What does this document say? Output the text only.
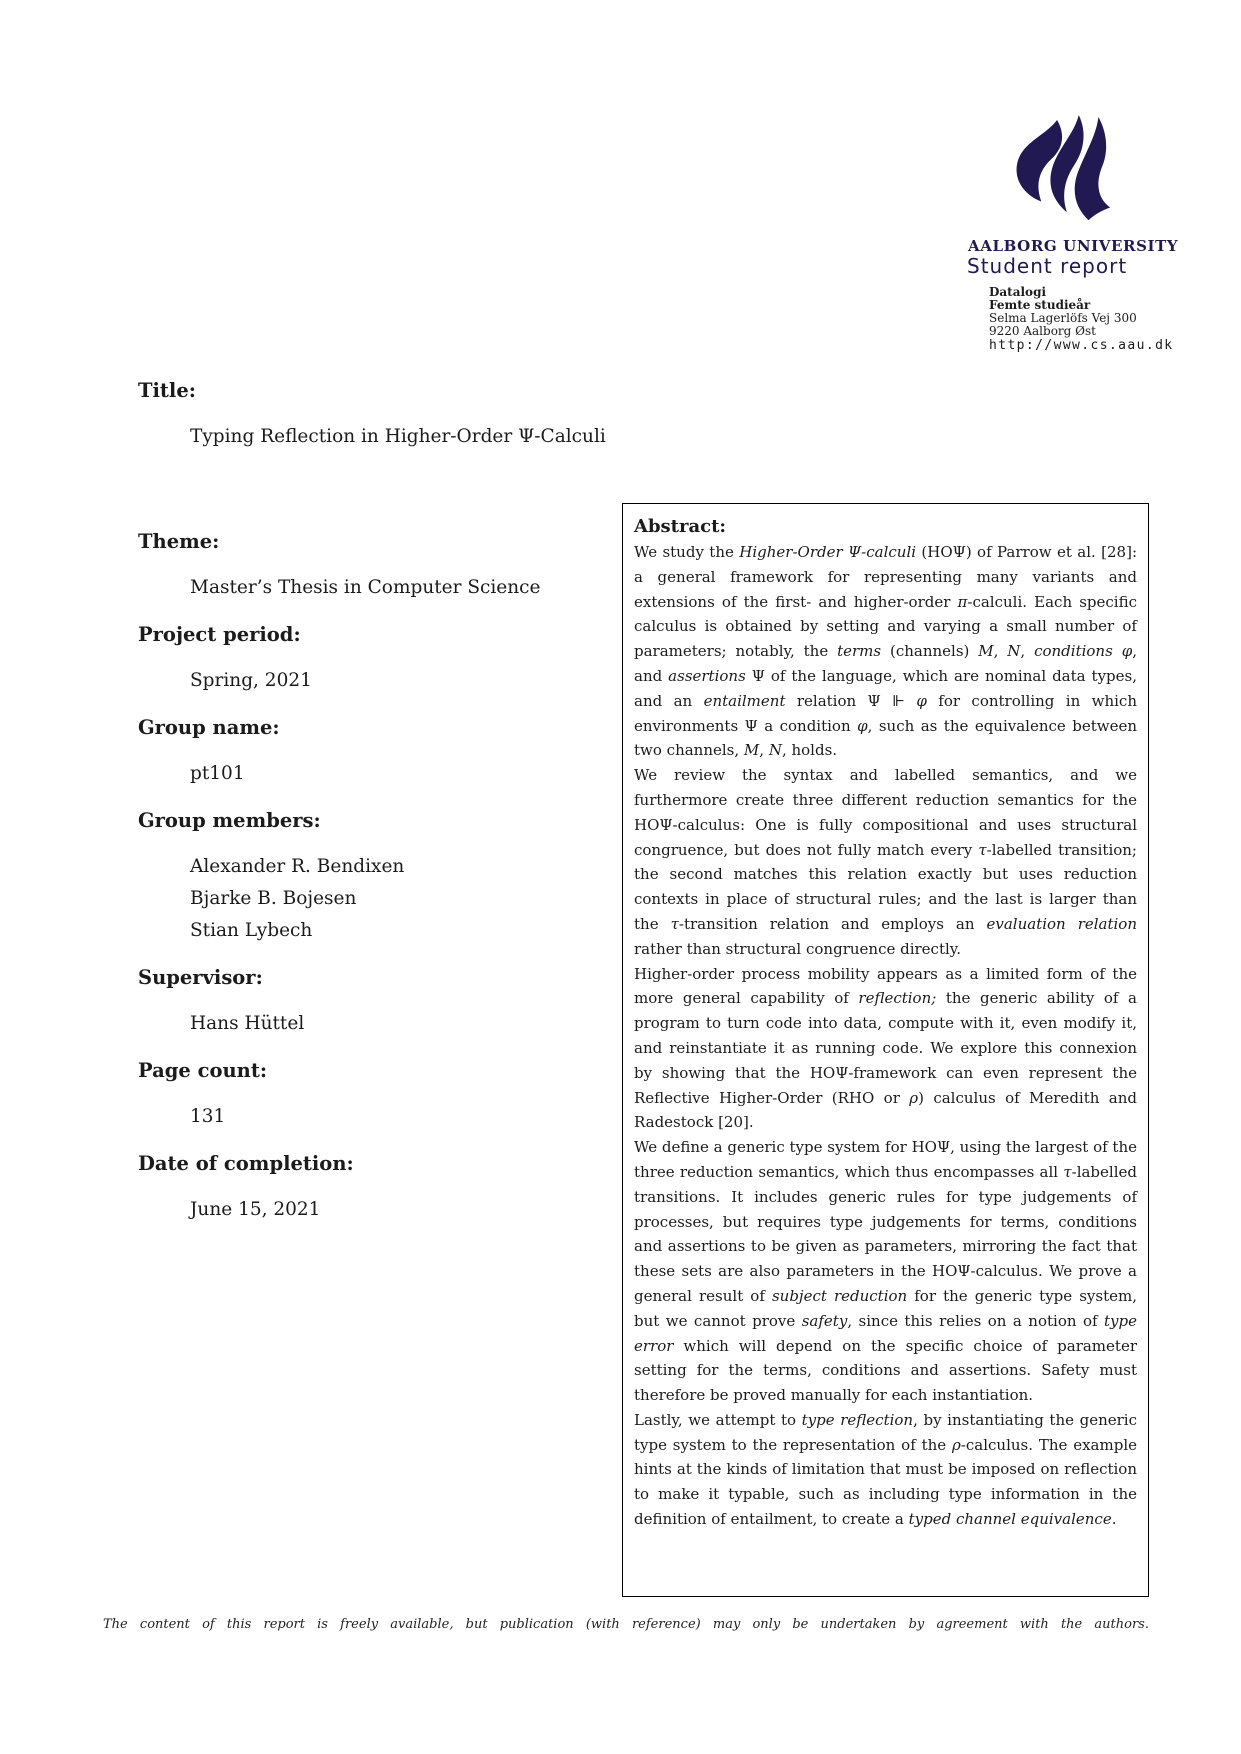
AALBORG UNIVERSITY
Student report
Datalogi
Femte studieår
Selma Lagerlöfs Vej 300
9220 Aalborg Øst
http://www.cs.aau.dk
Title:
Typing Reflection in Higher-Order Ψ-Calculi
Theme:
Master’s Thesis in Computer Science
Project period:
Spring, 2021
Group name:
pt101
Group members:
Alexander R. Bendixen
Bjarke B. Bojesen
Stian Lybech
Supervisor:
Hans Hüttel
Page count:
131
Date of completion:
June 15, 2021
Abstract:

We study the Higher-Order Ψ-calculi (HOΨ) of Parrow et al. [28]: a general framework for representing many variants and extensions of the first- and higher-order π-calculi. Each specific calculus is obtained by setting and varying a small number of parameters; notably, the terms (channels) M, N, conditions φ, and assertions Ψ of the language, which are nominal data types, and an entailment relation Ψ ⊩ φ for controlling in which environments Ψ a condition φ, such as the equivalence between two channels, M, N, holds.

We review the syntax and labelled semantics, and we furthermore create three different reduction semantics for the HOΨ-calculus: One is fully compositional and uses structural congruence, but does not fully match every τ-labelled transition; the second matches this relation exactly but uses reduction contexts in place of structural rules; and the last is larger than the τ-transition relation and employs an evaluation relation rather than structural congruence directly.

Higher-order process mobility appears as a limited form of the more general capability of reflection; the generic ability of a program to turn code into data, compute with it, even modify it, and reinstantiate it as running code. We explore this connexion by showing that the HOΨ-framework can even represent the Reflective Higher-Order (RHO or ρ) calculus of Meredith and Radestock [20].

We define a generic type system for HOΨ, using the largest of the three reduction semantics, which thus encompasses all τ-labelled transitions. It includes generic rules for type judgements of processes, but requires type judgements for terms, conditions and assertions to be given as parameters, mirroring the fact that these sets are also parameters in the HOΨ-calculus. We prove a general result of subject reduction for the generic type system, but we cannot prove safety, since this relies on a notion of type error which will depend on the specific choice of parameter setting for the terms, conditions and assertions. Safety must therefore be proved manually for each instantiation.

Lastly, we attempt to type reflection, by instantiating the generic type system to the representation of the ρ-calculus. The example hints at the kinds of limitation that must be imposed on reflection to make it typable, such as including type information in the definition of entailment, to create a typed channel equivalence.

The content of this report is freely available, but publication (with reference) may only be undertaken by agreement with the authors.
